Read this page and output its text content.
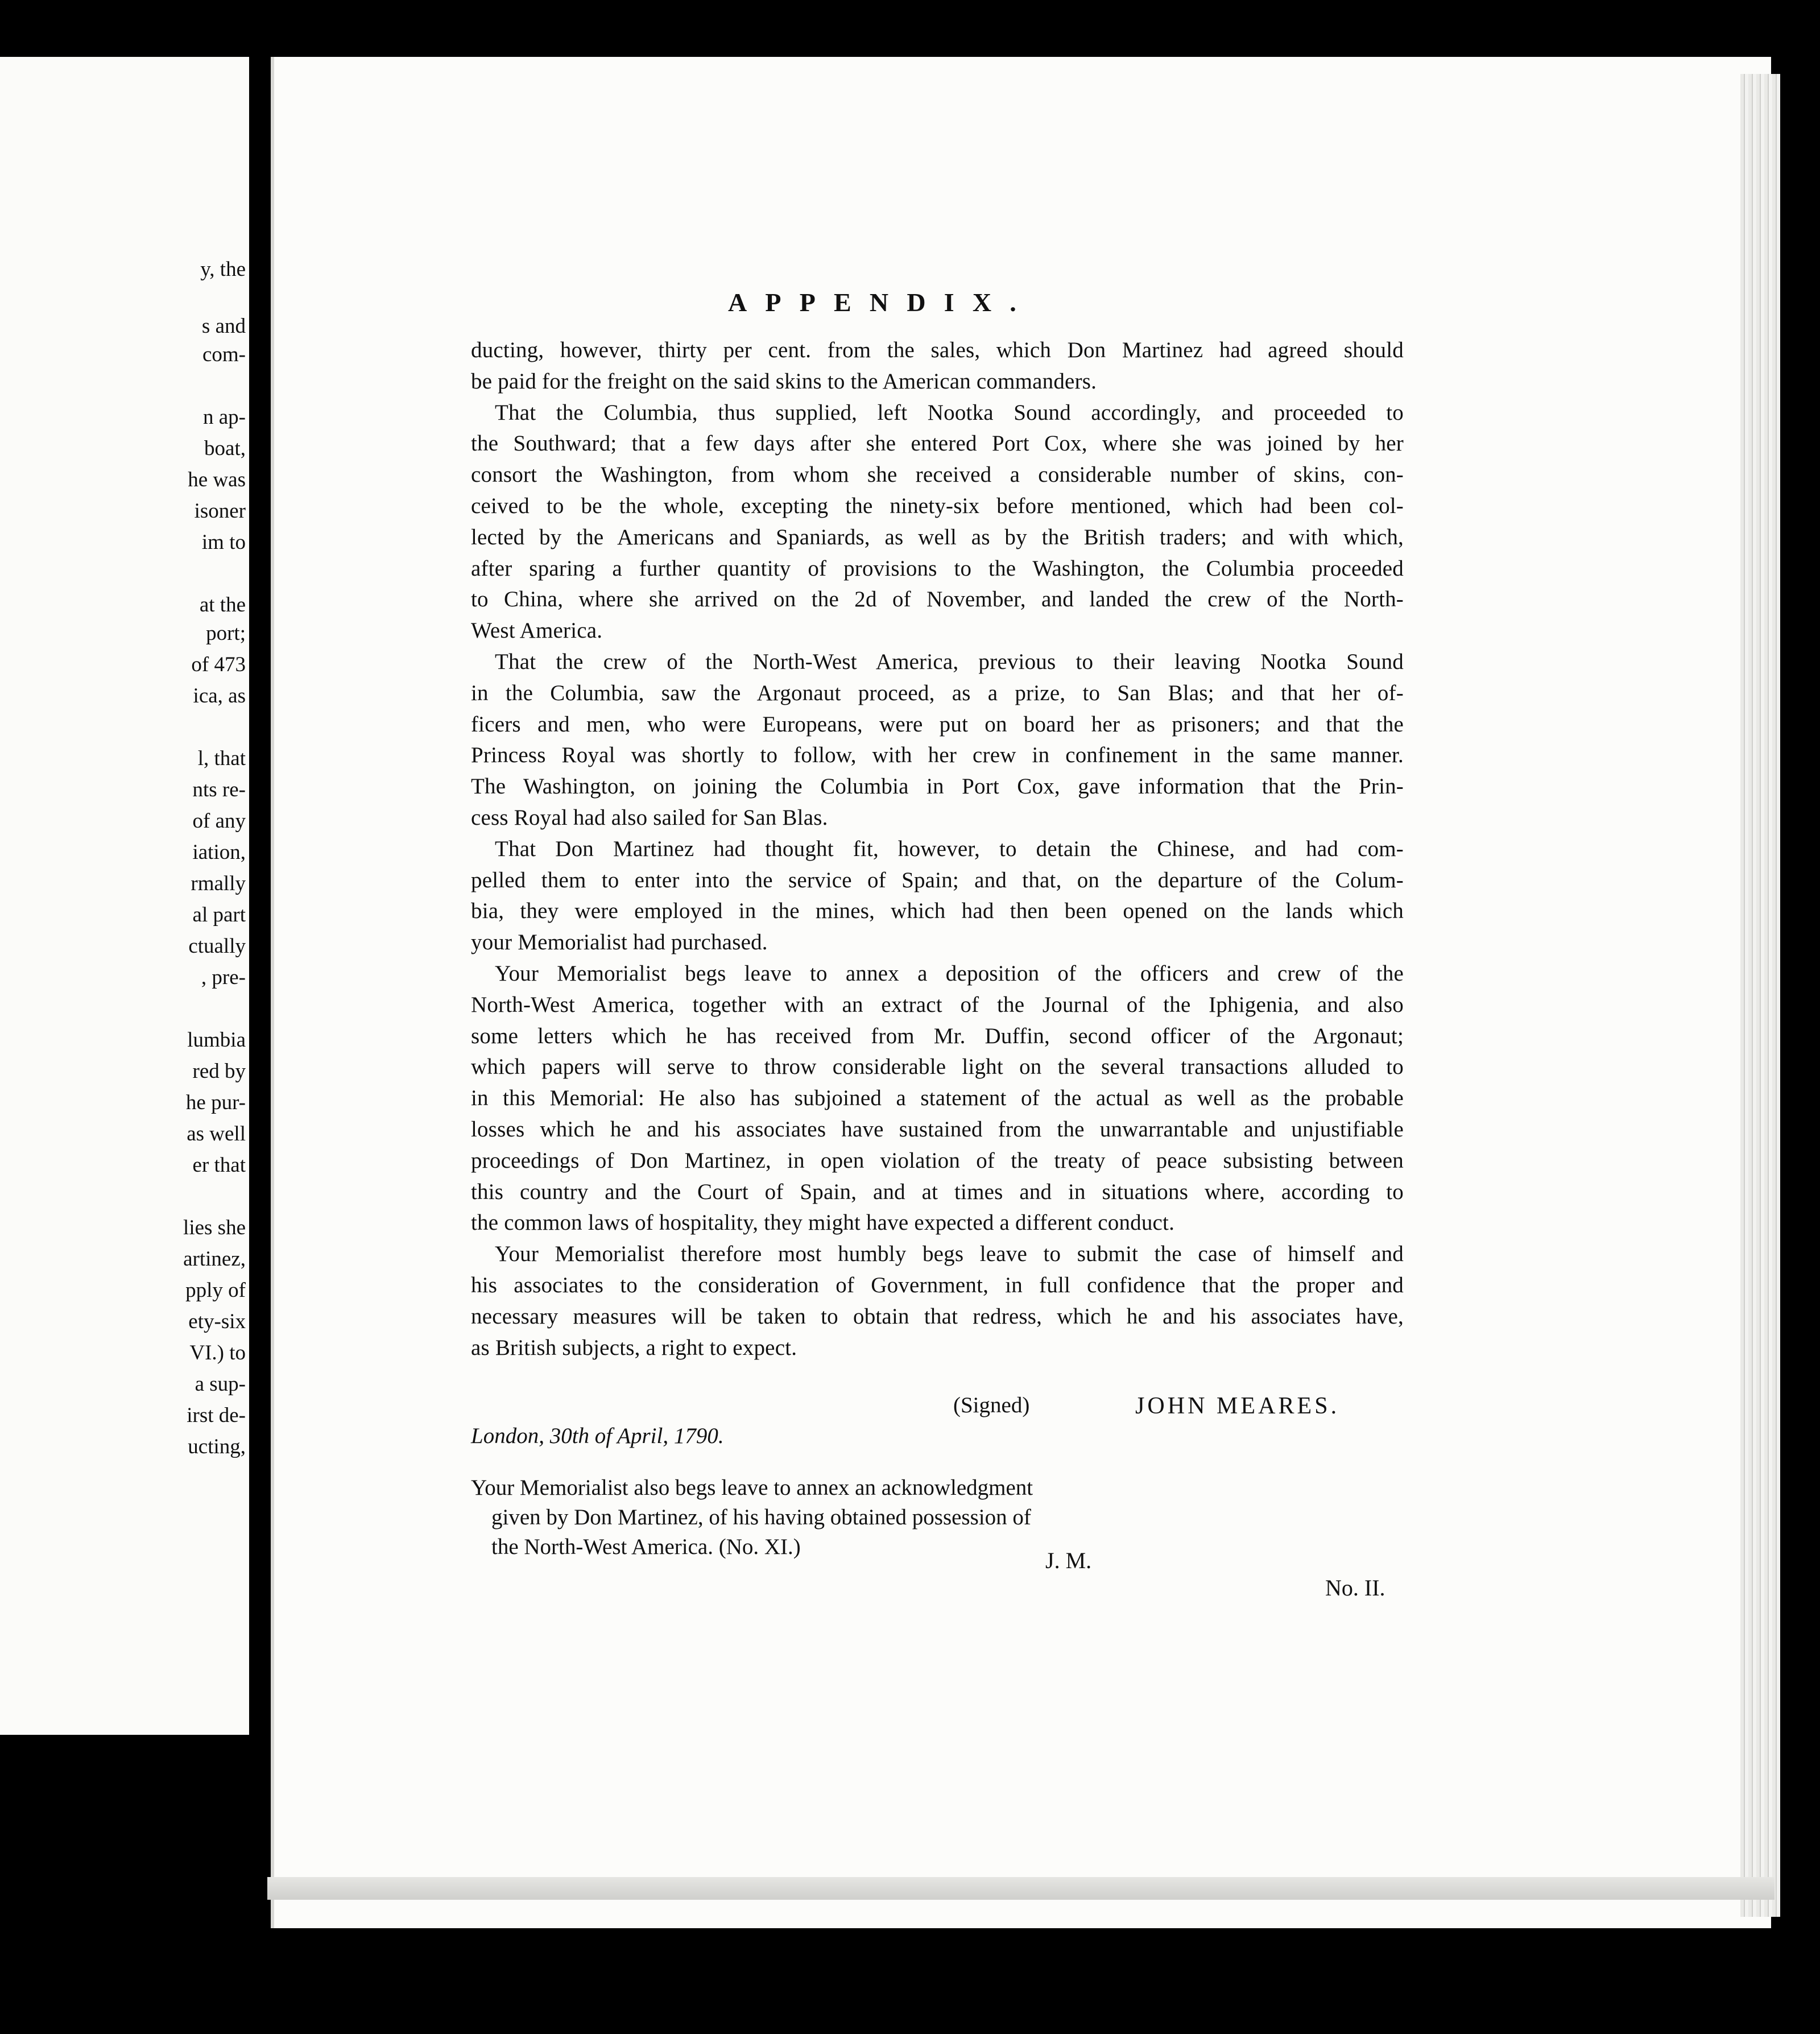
y, the
s and
com-
n ap-
boat,
he was
isoner
im to
at the
port;
of 473
ica, as
l, that
nts re-
of any
iation,
rmally
al part
ctually
, pre-
lumbia
red by
he pur-
as well
er that
lies she
artinez,
pply of
ety-six
VI.) to
a sup-
irst de-
ucting,
APPENDIX.
ducting, however, thirty per cent. from the sales, which Don Martinez had agreed should
be paid for the freight on the said skins to the American commanders.
That the Columbia, thus supplied, left Nootka Sound accordingly, and proceeded to
the Southward; that a few days after she entered Port Cox, where she was joined by her
consort the Washington, from whom she received a considerable number of skins, con-
ceived to be the whole, excepting the ninety-six before mentioned, which had been col-
lected by the Americans and Spaniards, as well as by the British traders; and with which,
after sparing a further quantity of provisions to the Washington, the Columbia proceeded
to China, where she arrived on the 2d of November, and landed the crew of the North-
West America.
That the crew of the North-West America, previous to their leaving Nootka Sound
in the Columbia, saw the Argonaut proceed, as a prize, to San Blas; and that her of-
ficers and men, who were Europeans, were put on board her as prisoners; and that the
Princess Royal was shortly to follow, with her crew in confinement in the same manner.
The Washington, on joining the Columbia in Port Cox, gave information that the Prin-
cess Royal had also sailed for San Blas.
That Don Martinez had thought fit, however, to detain the Chinese, and had com-
pelled them to enter into the service of Spain; and that, on the departure of the Colum-
bia, they were employed in the mines, which had then been opened on the lands which
your Memorialist had purchased.
Your Memorialist begs leave to annex a deposition of the officers and crew of the
North-West America, together with an extract of the Journal of the Iphigenia, and also
some letters which he has received from Mr. Duffin, second officer of the Argonaut;
which papers will serve to throw considerable light on the several transactions alluded to
in this Memorial: He also has subjoined a statement of the actual as well as the probable
losses which he and his associates have sustained from the unwarrantable and unjustifiable
proceedings of Don Martinez, in open violation of the treaty of peace subsisting between
this country and the Court of Spain, and at times and in situations where, according to
the common laws of hospitality, they might have expected a different conduct.
Your Memorialist therefore most humbly begs leave to submit the case of himself and
his associates to the consideration of Government, in full confidence that the proper and
necessary measures will be taken to obtain that redress, which he and his associates have,
as British subjects, a right to expect.
(Signed)	JOHN MEARES.
London, 30th of April, 1790.
Your Memorialist also begs leave to annex an acknowledgment
given by Don Martinez, of his having obtained possession of
the North-West America. (No. XI.)
J. M.
No. II.
